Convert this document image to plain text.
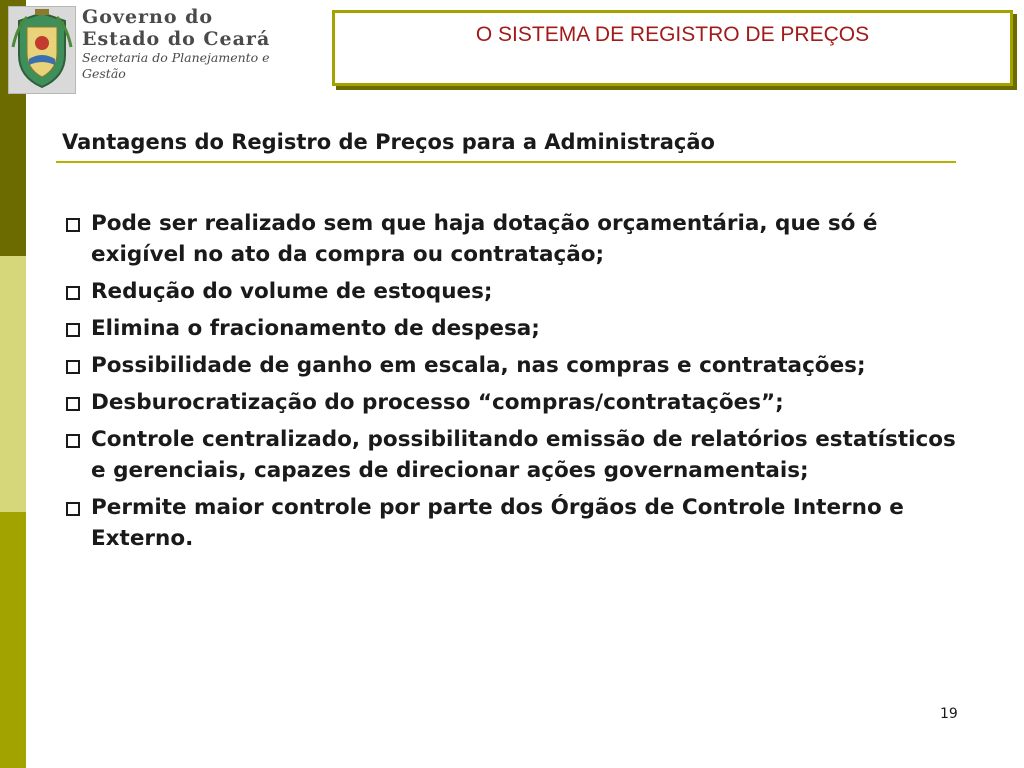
Governo do
Estado do Ceará
Secretaria do Planejamento e
Gestão
O SISTEMA DE REGISTRO DE PREÇOS
Vantagens do Registro de Preços para a Administração
Pode ser realizado sem que haja dotação orçamentária, que só é exigível no ato da compra ou contratação;
Redução do volume de estoques;
Elimina o fracionamento de despesa;
Possibilidade de ganho em escala, nas compras e contratações;
Desburocratização do processo “compras/contratações”;
Controle centralizado, possibilitando emissão de relatórios estatísticos e gerenciais, capazes de direcionar ações governamentais;
Permite maior controle por parte dos Órgãos de Controle Interno e Externo.
19
